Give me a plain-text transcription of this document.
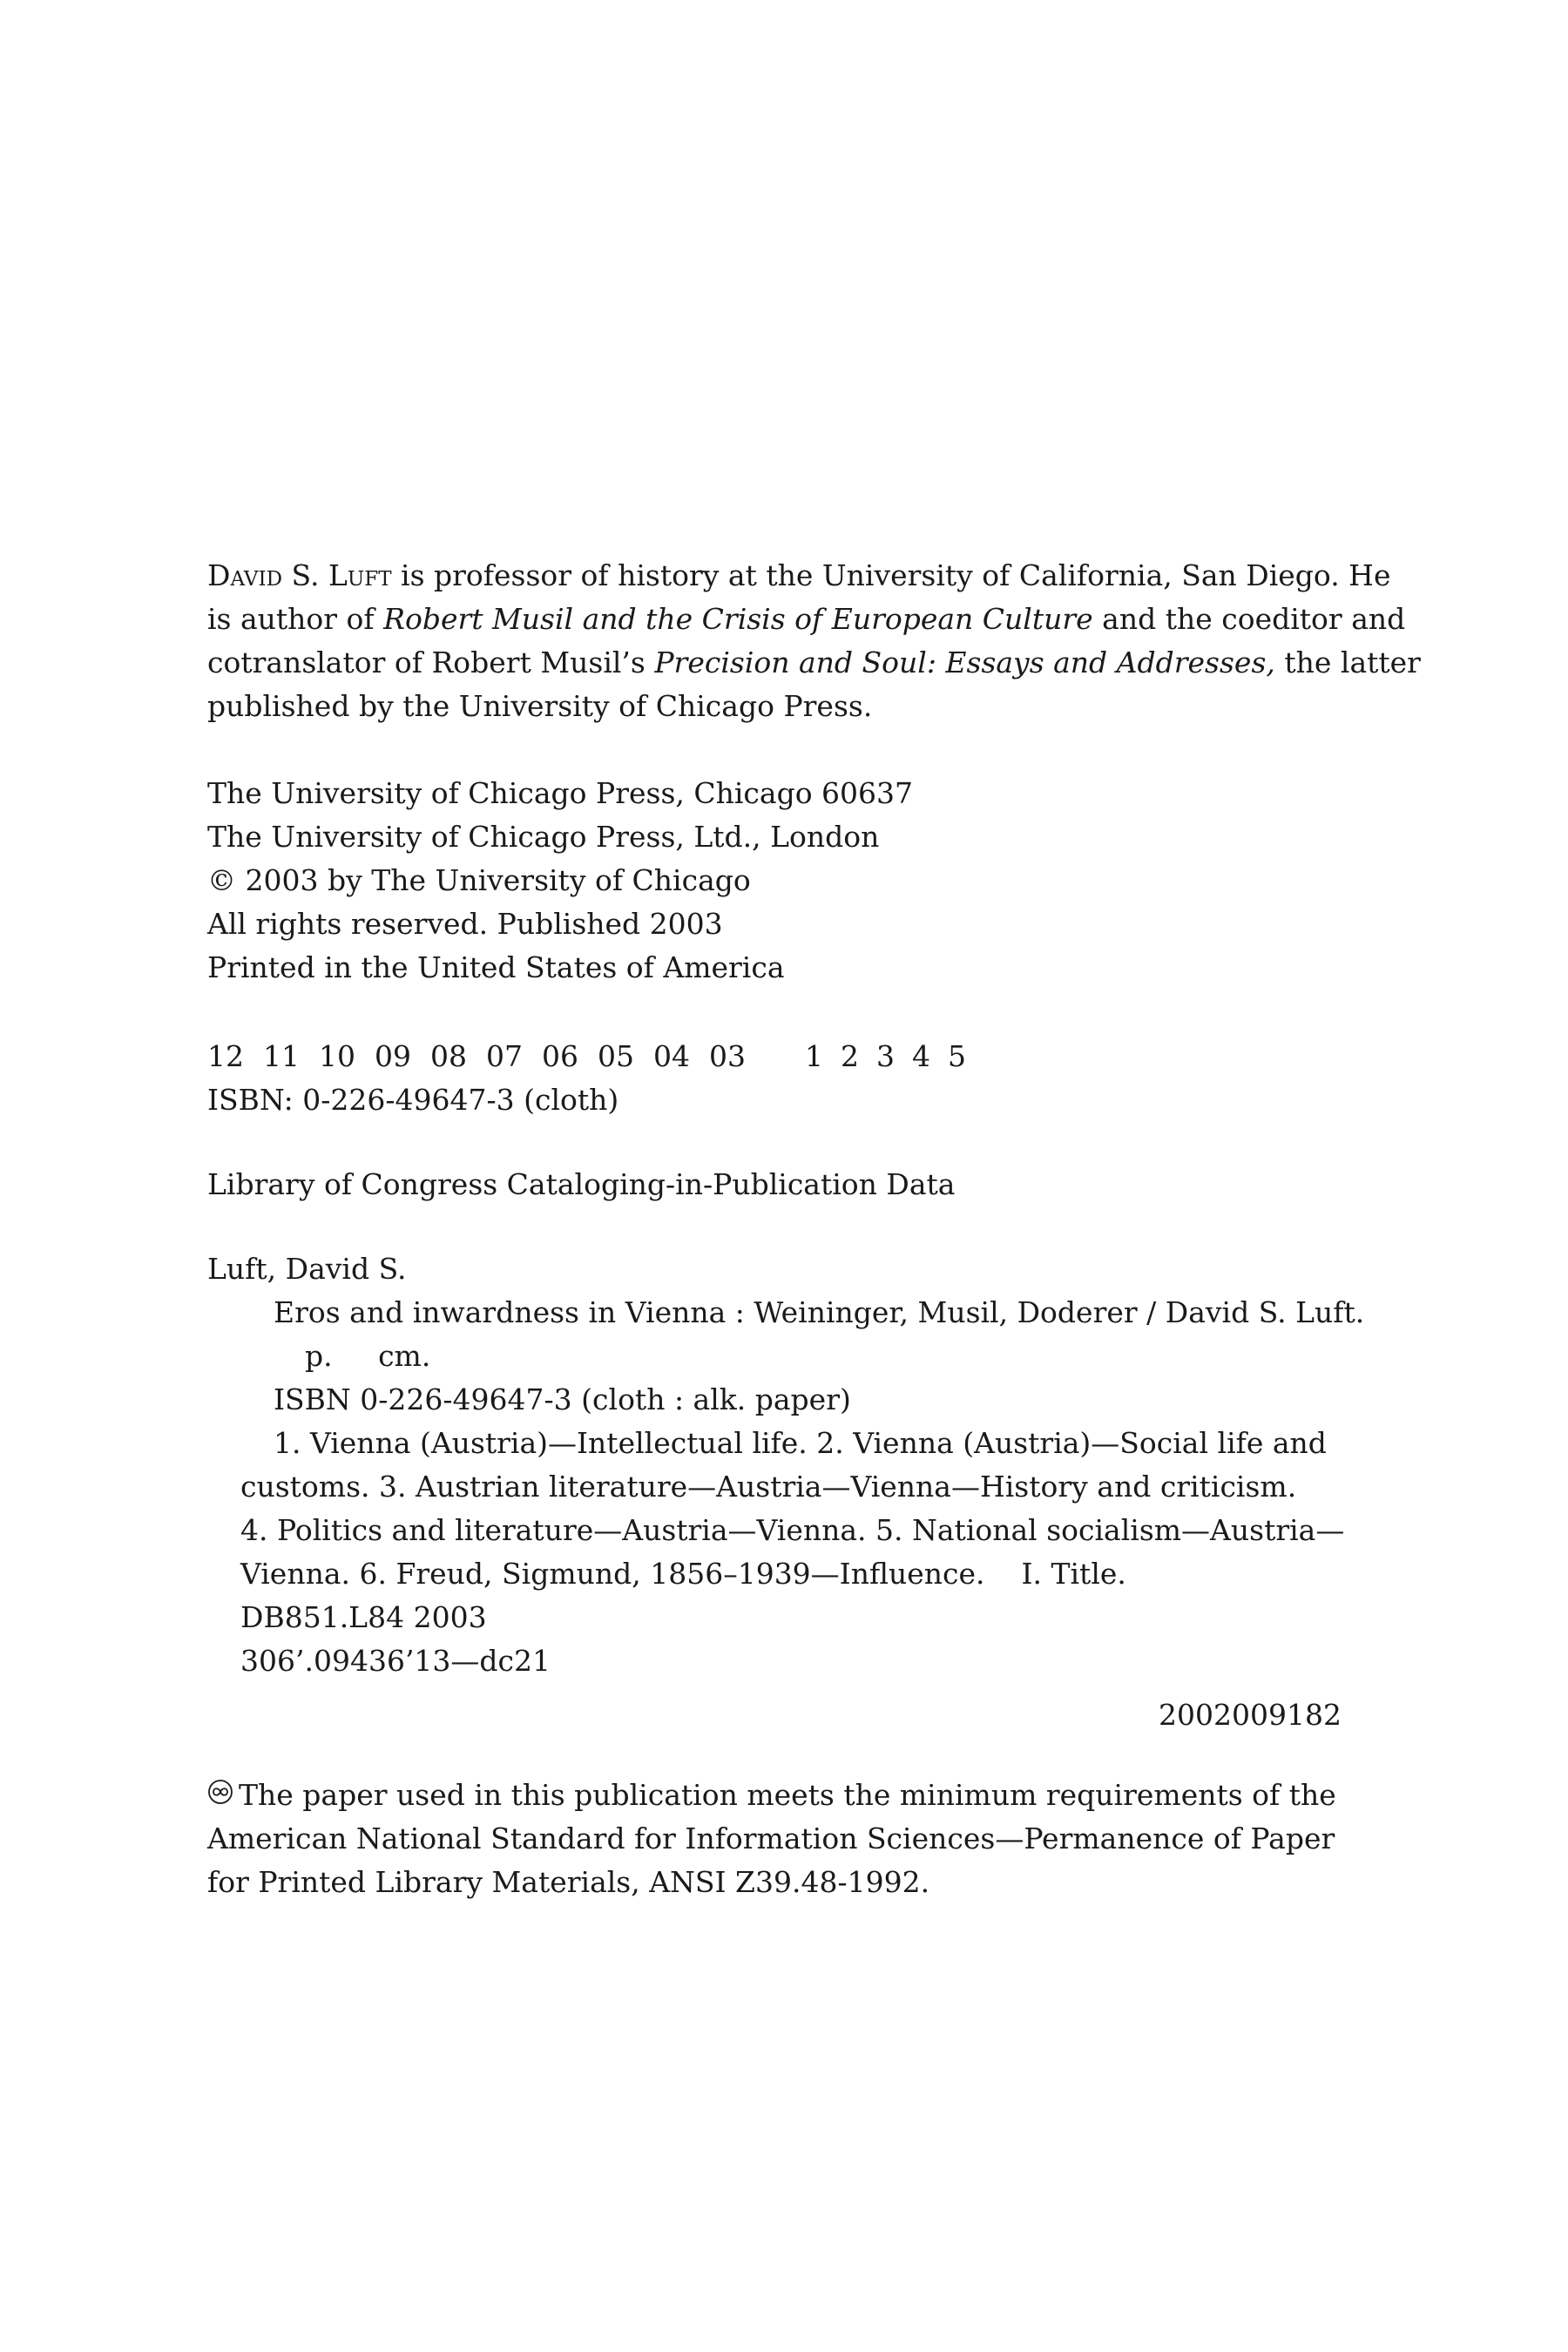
David S. Luft is professor of history at the University of California, San Diego. He
is author of Robert Musil and the Crisis of European Culture and the coeditor and
cotranslator of Robert Musil’s Precision and Soul: Essays and Addresses, the latter
published by the University of Chicago Press.
The University of Chicago Press, Chicago 60637
The University of Chicago Press, Ltd., London
© 2003 by The University of Chicago
All rights reserved. Published 2003
Printed in the United States of America
12 11 10 09 08 07 06 05 04 03 1 2 3 4 5
ISBN: 0-226-49647-3 (cloth)
Library of Congress Cataloging-in-Publication Data
Luft, David S.
Eros and inwardness in Vienna : Weininger, Musil, Doderer / David S. Luft.
p.     cm.
ISBN 0-226-49647-3 (cloth : alk. paper)
1. Vienna (Austria)—Intellectual life. 2. Vienna (Austria)—Social life and
customs. 3. Austrian literature—Austria—Vienna—History and criticism.
4. Politics and literature—Austria—Vienna. 5. National socialism—Austria—
Vienna. 6. Freud, Sigmund, 1856–1939—Influence.    I. Title.
DB851.L84 2003
306’.09436’13—dc21
2002009182
The paper used in this publication meets the minimum requirements of the
American National Standard for Information Sciences—Permanence of Paper
for Printed Library Materials, ANSI Z39.48-1992.
